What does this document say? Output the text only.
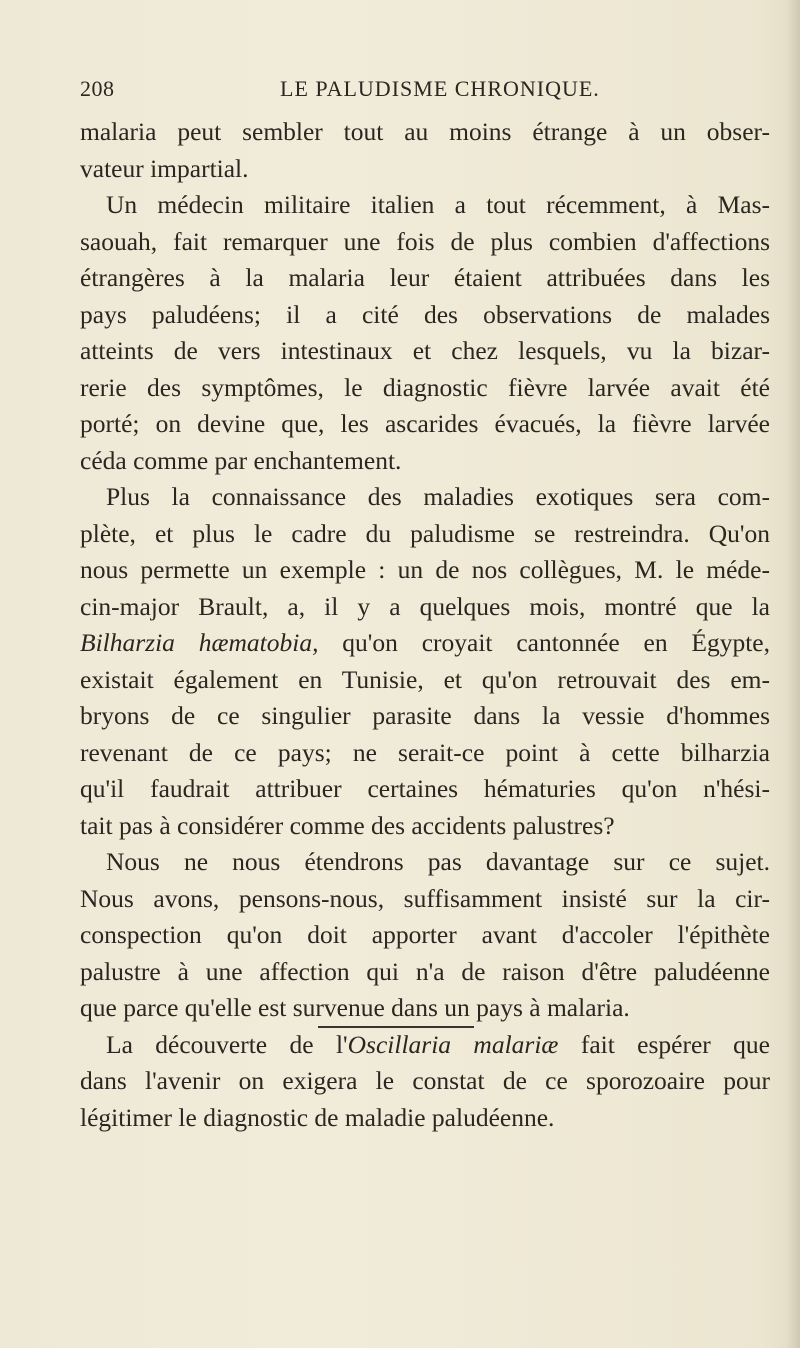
208	LE PALUDISME CHRONIQUE.
malaria peut sembler tout au moins étrange à un obser-
vateur impartial.
Un médecin militaire italien a tout récemment, à Mas-
saouah, fait remarquer une fois de plus combien d'affections
étrangères à la malaria leur étaient attribuées dans les
pays paludéens; il a cité des observations de malades
atteints de vers intestinaux et chez lesquels, vu la bizar-
rerie des symptômes, le diagnostic fièvre larvée avait été
porté; on devine que, les ascarides évacués, la fièvre larvée
céda comme par enchantement.
Plus la connaissance des maladies exotiques sera com-
plète, et plus le cadre du paludisme se restreindra. Qu'on
nous permette un exemple : un de nos collègues, M. le méde-
cin-major Brault, a, il y a quelques mois, montré que la
Bilharzia hæmatobia, qu'on croyait cantonnée en Égypte,
existait également en Tunisie, et qu'on retrouvait des em-
bryons de ce singulier parasite dans la vessie d'hommes
revenant de ce pays; ne serait-ce point à cette bilharzia
qu'il faudrait attribuer certaines hématuries qu'on n'hési-
tait pas à considérer comme des accidents palustres?
Nous ne nous étendrons pas davantage sur ce sujet.
Nous avons, pensons-nous, suffisamment insisté sur la cir-
conspection qu'on doit apporter avant d'accoler l'épithète
palustre à une affection qui n'a de raison d'être paludéenne
que parce qu'elle est survenue dans un pays à malaria.
La découverte de l'Oscillaria malariæ fait espérer que
dans l'avenir on exigera le constat de ce sporozoaire pour
légitimer le diagnostic de maladie paludéenne.
